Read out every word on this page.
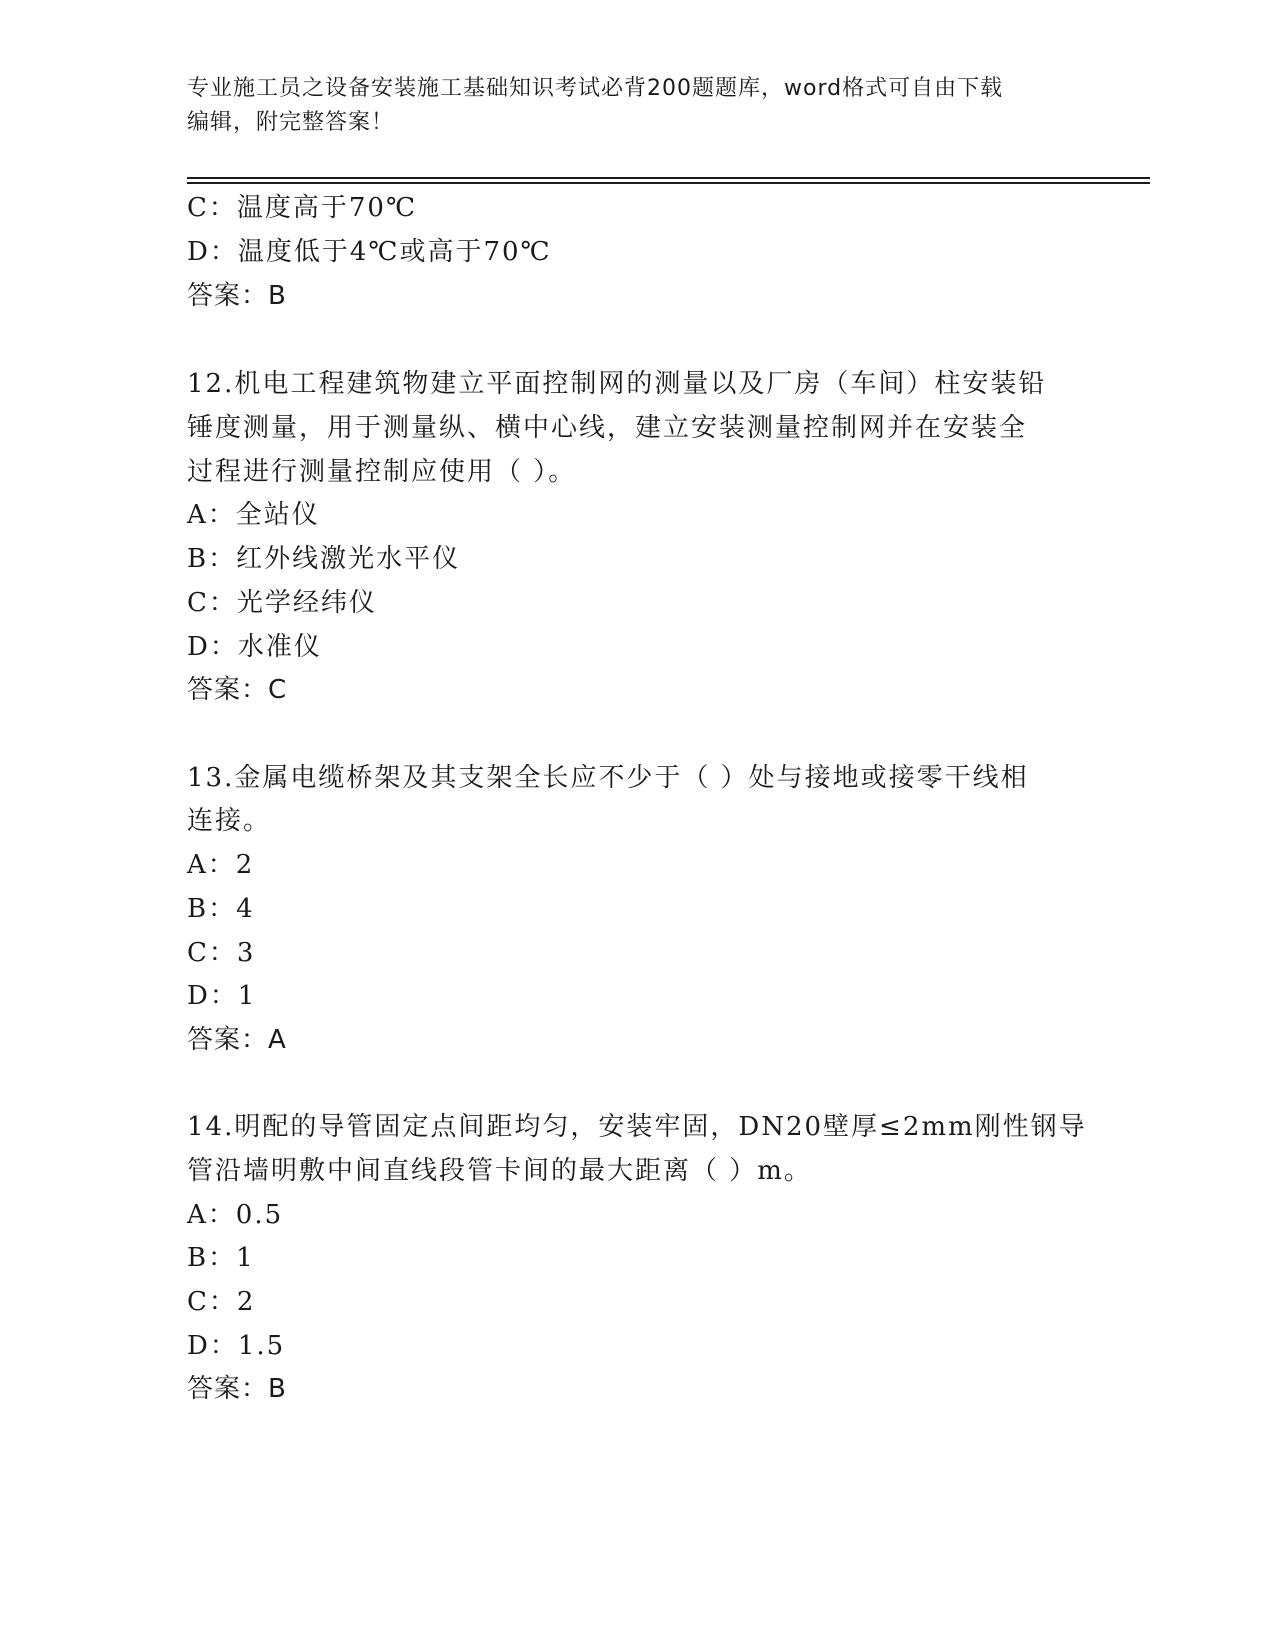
专业施工员之设备安装施工基础知识考试必背200题题库，word格式可自由下载
编辑，附完整答案！
C：温度高于70℃
D：温度低于4℃或高于70℃
答案：B
12.机电工程建筑物建立平面控制网的测量以及厂房（车间）柱安装铅
锤度测量，用于测量纵、横中心线，建立安装测量控制网并在安装全
过程进行测量控制应使用（ ）。
A：全站仪
B：红外线激光水平仪
C：光学经纬仪
D：水准仪
答案：C
13.金属电缆桥架及其支架全长应不少于（ ）处与接地或接零干线相
连接。
A：2
B：4
C：3
D：1
答案：A
14.明配的导管固定点间距均匀，安装牢固，DN20壁厚≤2mm刚性钢导
管沿墙明敷中间直线段管卡间的最大距离（ ）m。
A：0.5
B：1
C：2
D：1.5
答案：B
